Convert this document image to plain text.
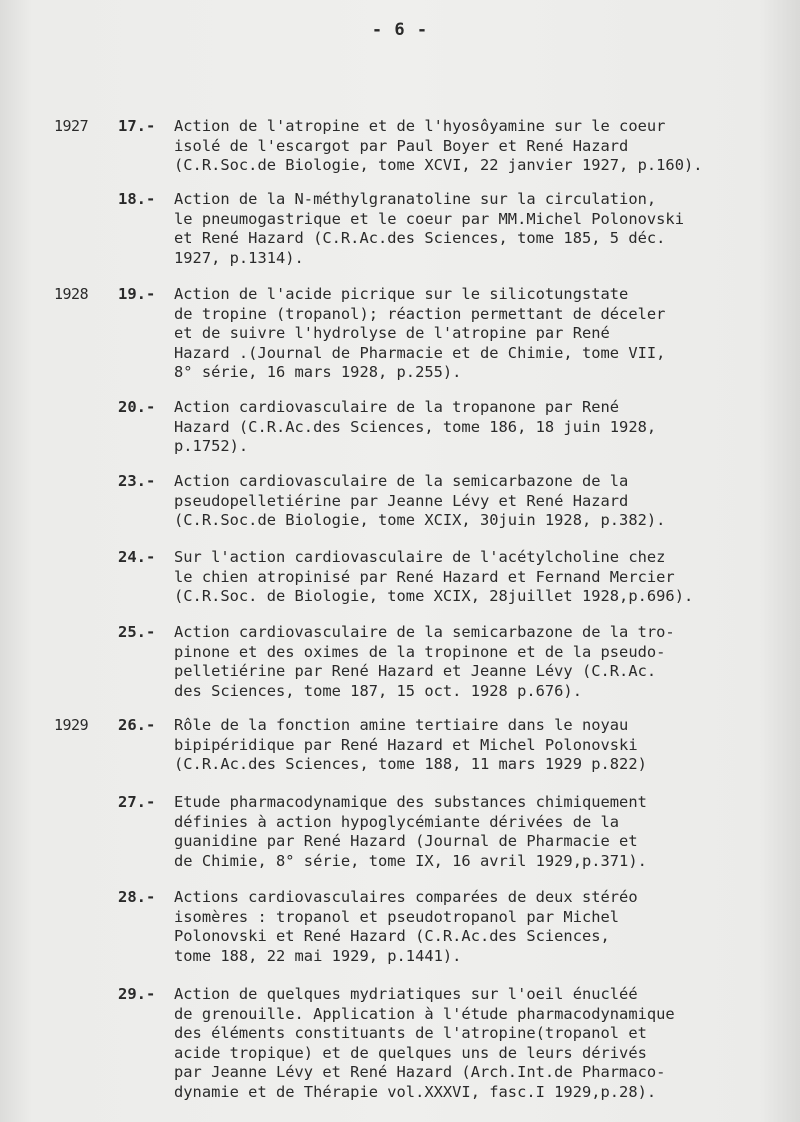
- 6 -
1927 17.- Action de l'atropine et de l'hyosôyamine sur le coeur
isolé de l'escargot par Paul Boyer et René Hazard
(C.R.Soc.de Biologie, tome XCVI, 22 janvier 1927, p.160).
18.- Action de la N-méthylgranatoline sur la circulation,
le pneumogastrique et le coeur par MM.Michel Polonovski
et René Hazard (C.R.Ac.des Sciences, tome 185, 5 déc.
1927, p.1314).
1928 19.- Action de l'acide picrique sur le silicotungstate
de tropine (tropanol); réaction permettant de déceler
et de suivre l'hydrolyse de l'atropine par René
Hazard .(Journal de Pharmacie et de Chimie, tome VII,
8° série, 16 mars 1928, p.255).
20.- Action cardiovasculaire de la tropanone par René
Hazard (C.R.Ac.des Sciences, tome 186, 18 juin 1928,
p.1752).
23.- Action cardiovasculaire de la semicarbazone de la
pseudopelletiérine par Jeanne Lévy et René Hazard
(C.R.Soc.de Biologie, tome XCIX, 30juin 1928, p.382).
24.- Sur l'action cardiovasculaire de l'acétylcholine chez
le chien atropinisé par René Hazard et Fernand Mercier
(C.R.Soc. de Biologie, tome XCIX, 28juillet 1928,p.696).
25.- Action cardiovasculaire de la semicarbazone de la tro-
pinone et des oximes de la tropinone et de la pseudo-
pelletiérine par René Hazard et Jeanne Lévy (C.R.Ac.
des Sciences, tome 187, 15 oct. 1928 p.676).
1929 26.- Rôle de la fonction amine tertiaire dans le noyau
bipipéridique par René Hazard et Michel Polonovski
(C.R.Ac.des Sciences, tome 188, 11 mars 1929 p.822)
27.- Etude pharmacodynamique des substances chimiquement
définies à action hypoglycémiante dérivées de la
guanidine par René Hazard (Journal de Pharmacie et
de Chimie, 8° série, tome IX, 16 avril 1929,p.371).
28.- Actions cardiovasculaires comparées de deux stéréo
isomères : tropanol et pseudotropanol par Michel
Polonovski et René Hazard (C.R.Ac.des Sciences,
tome 188, 22 mai 1929, p.1441).
29.- Action de quelques mydriatiques sur l'oeil énucléé
de grenouille. Application à l'étude pharmacodynamique
des éléments constituants de l'atropine(tropanol et
acide tropique) et de quelques uns de leurs dérivés
par Jeanne Lévy et René Hazard (Arch.Int.de Pharmaco-
dynamie et de Thérapie vol.XXXVI, fasc.I 1929,p.28).
